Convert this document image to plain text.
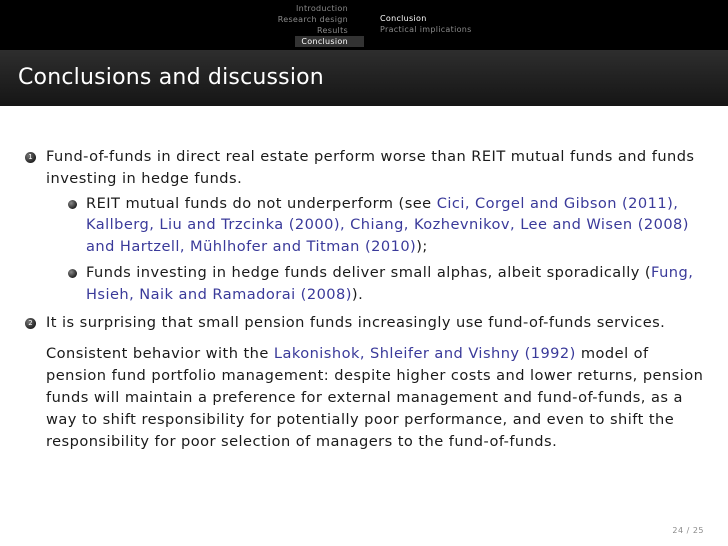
Introduction
Research design
Results
Conclusion
Conclusion
Practical implications
Conclusions and discussion
1 Fund-of-funds in direct real estate perform worse than REIT mutual funds and funds investing in hedge funds.
REIT mutual funds do not underperform (see Cici, Corgel and Gibson (2011), Kallberg, Liu and Trzcinka (2000), Chiang, Kozhevnikov, Lee and Wisen (2008) and Hartzell, Mühlhofer and Titman (2010));
Funds investing in hedge funds deliver small alphas, albeit sporadically (Fung, Hsieh, Naik and Ramadorai (2008)).
2 It is surprising that small pension funds increasingly use fund-of-funds services.
Consistent behavior with the Lakonishok, Shleifer and Vishny (1992) model of pension fund portfolio management: despite higher costs and lower returns, pension funds will maintain a preference for external management and fund-of-funds, as a way to shift responsibility for potentially poor performance, and even to shift the responsibility for poor selection of managers to the fund-of-funds.
24 / 25
